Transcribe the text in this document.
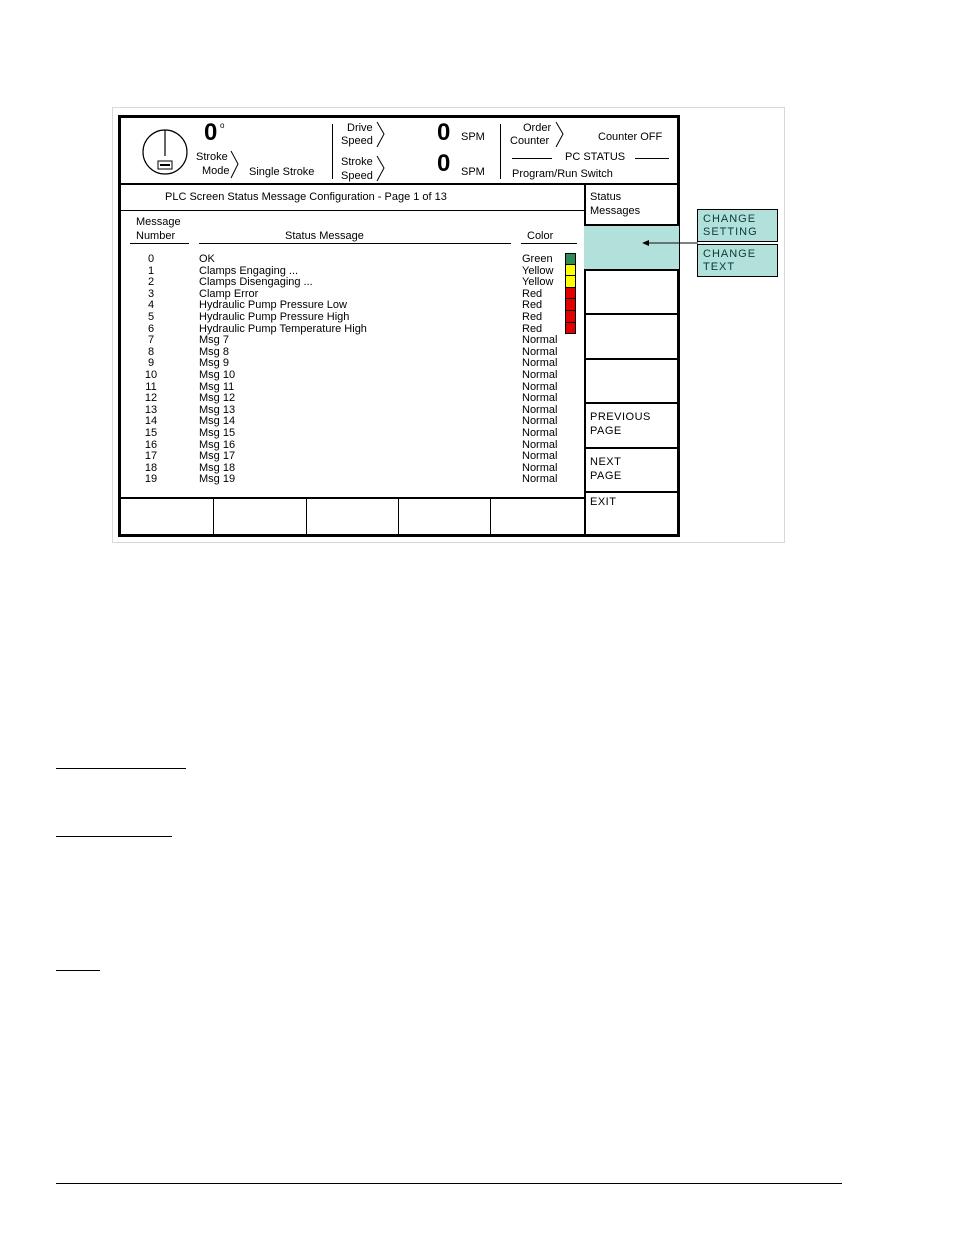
0 o
Stroke
Mode Single Stroke
Drive
Speed	0 SPM
Stroke
Speed	0 SPM
Order
Counter	Counter OFF
PC STATUS
Program/Run Switch
PLC Screen Status Message Configuration - Page 1 of 13
Message
Number	Status Message	Color
0	OK	Green
1	Clamps Engaging ...	Yellow
2	Clamps Disengaging ...	Yellow
3	Clamp Error	Red
4	Hydraulic Pump Pressure Low	Red
5	Hydraulic Pump Pressure High	Red
6	Hydraulic Pump Temperature High	Red
7	Msg 7	Normal
8	Msg 8	Normal
9	Msg 9	Normal
10	Msg 10	Normal
11	Msg 11	Normal
12	Msg 12	Normal
13	Msg 13	Normal
14	Msg 14	Normal
15	Msg 15	Normal
16	Msg 16	Normal
17	Msg 17	Normal
18	Msg 18	Normal
19	Msg 19	Normal
Status
Messages
PREVIOUS
PAGE
NEXT
PAGE
EXIT
CHANGE
SETTING
CHANGE
TEXT
